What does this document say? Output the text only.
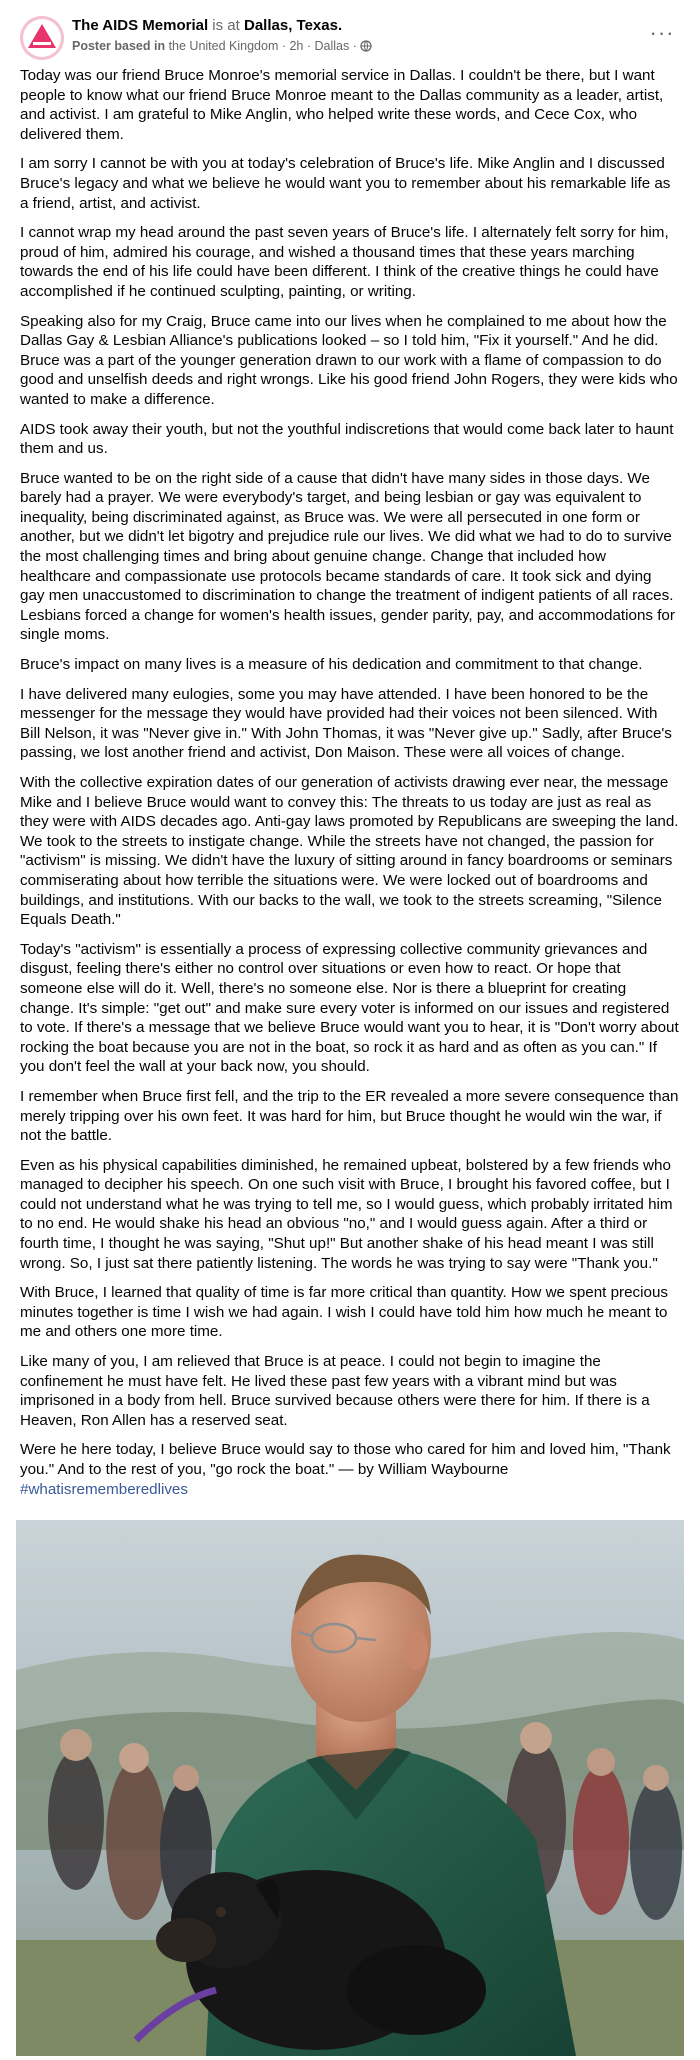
The AIDS Memorial is at Dallas, Texas.
Poster based in the United Kingdom · 2h · Dallas ·
···

Today was our friend Bruce Monroe's memorial service in Dallas. I couldn't be there, but I want people to know what our friend Bruce Monroe meant to the Dallas community as a leader, artist, and activist. I am grateful to Mike Anglin, who helped write these words, and Cece Cox, who delivered them.

I am sorry I cannot be with you at today's celebration of Bruce's life. Mike Anglin and I discussed Bruce's legacy and what we believe he would want you to remember about his remarkable life as a friend, artist, and activist.

I cannot wrap my head around the past seven years of Bruce's life. I alternately felt sorry for him, proud of him, admired his courage, and wished a thousand times that these years marching towards the end of his life could have been different. I think of the creative things he could have accomplished if he continued sculpting, painting, or writing.

Speaking also for my Craig, Bruce came into our lives when he complained to me about how the Dallas Gay & Lesbian Alliance's publications looked – so I told him, "Fix it yourself." And he did. Bruce was a part of the younger generation drawn to our work with a flame of compassion to do good and unselfish deeds and right wrongs. Like his good friend John Rogers, they were kids who wanted to make a difference.

AIDS took away their youth, but not the youthful indiscretions that would come back later to haunt them and us.

Bruce wanted to be on the right side of a cause that didn't have many sides in those days. We barely had a prayer. We were everybody's target, and being lesbian or gay was equivalent to inequality, being discriminated against, as Bruce was. We were all persecuted in one form or another, but we didn't let bigotry and prejudice rule our lives. We did what we had to do to survive the most challenging times and bring about genuine change. Change that included how healthcare and compassionate use protocols became standards of care. It took sick and dying gay men unaccustomed to discrimination to change the treatment of indigent patients of all races. Lesbians forced a change for women's health issues, gender parity, pay, and accommodations for single moms.

Bruce's impact on many lives is a measure of his dedication and commitment to that change.

I have delivered many eulogies, some you may have attended. I have been honored to be the messenger for the message they would have provided had their voices not been silenced. With Bill Nelson, it was "Never give in." With John Thomas, it was "Never give up." Sadly, after Bruce's passing, we lost another friend and activist, Don Maison. These were all voices of change.

With the collective expiration dates of our generation of activists drawing ever near, the message Mike and I believe Bruce would want to convey this: The threats to us today are just as real as they were with AIDS decades ago. Anti-gay laws promoted by Republicans are sweeping the land. We took to the streets to instigate change. While the streets have not changed, the passion for "activism" is missing. We didn't have the luxury of sitting around in fancy boardrooms or seminars commiserating about how terrible the situations were. We were locked out of boardrooms and buildings, and institutions. With our backs to the wall, we took to the streets screaming, "Silence Equals Death."

Today's "activism" is essentially a process of expressing collective community grievances and disgust, feeling there's either no control over situations or even how to react. Or hope that someone else will do it. Well, there's no someone else. Nor is there a blueprint for creating change. It's simple: "get out" and make sure every voter is informed on our issues and registered to vote. If there's a message that we believe Bruce would want you to hear, it is "Don't worry about rocking the boat because you are not in the boat, so rock it as hard and as often as you can." If you don't feel the wall at your back now, you should.

I remember when Bruce first fell, and the trip to the ER revealed a more severe consequence than merely tripping over his own feet. It was hard for him, but Bruce thought he would win the war, if not the battle.

Even as his physical capabilities diminished, he remained upbeat, bolstered by a few friends who managed to decipher his speech. On one such visit with Bruce, I brought his favored coffee, but I could not understand what he was trying to tell me, so I would guess, which probably irritated him to no end. He would shake his head an obvious "no," and I would guess again. After a third or fourth time, I thought he was saying, "Shut up!" But another shake of his head meant I was still wrong. So, I just sat there patiently listening. The words he was trying to say were "Thank you."

With Bruce, I learned that quality of time is far more critical than quantity. How we spent precious minutes together is time I wish we had again. I wish I could have told him how much he meant to me and others one more time.

Like many of you, I am relieved that Bruce is at peace. I could not begin to imagine the confinement he must have felt. He lived these past few years with a vibrant mind but was imprisoned in a body from hell. Bruce survived because others were there for him. If there is a Heaven, Ron Allen has a reserved seat.

Were he here today, I believe Bruce would say to those who cared for him and loved him, "Thank you." And to the rest of you, "go rock the boat." — by William Waybourne
#whatisrememberedlives
